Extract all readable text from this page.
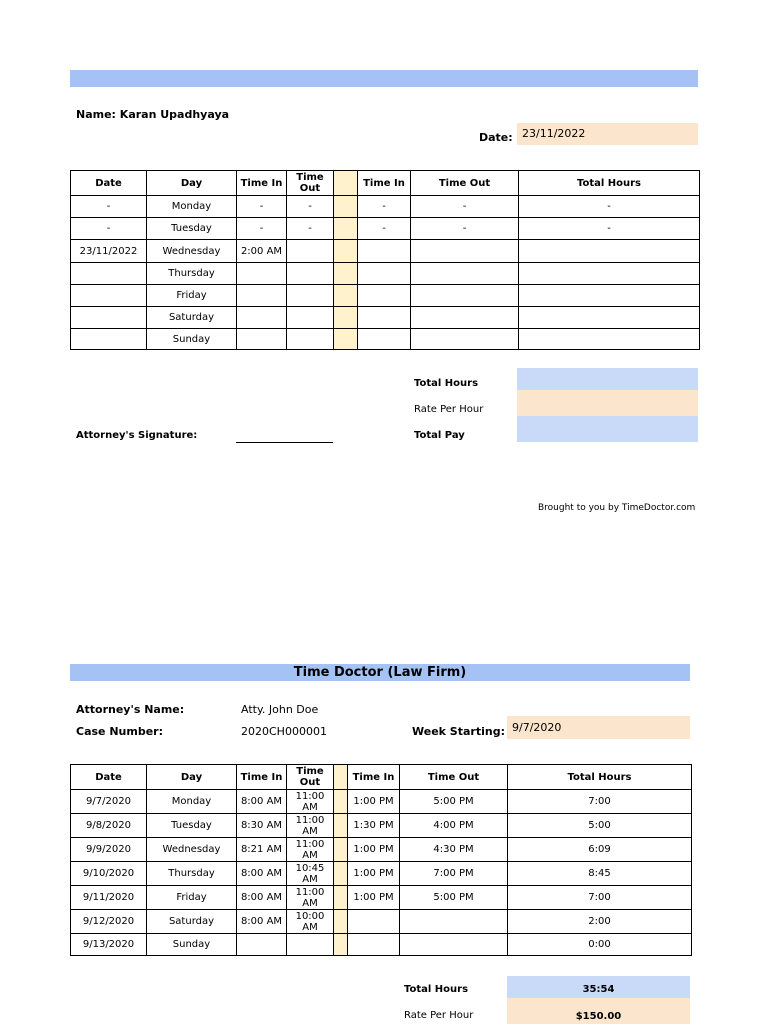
Name: Karan Upadhyaya
Date: 23/11/2022
Date	Day	Time In	Time Out		Time In	Time Out	Total Hours
-	Monday	-	-		-	-	-
-	Tuesday	-	-		-	-	-
23/11/2022	Wednesday	2:00 AM					
	Thursday						
	Friday						
	Saturday						
	Sunday						
Total Hours
Rate Per Hour
Attorney's Signature:	Total Pay
Brought to you by TimeDoctor.com
Time Doctor (Law Firm)
Attorney's Name:	Atty. John Doe
Case Number:	2020CH000001	Week Starting: 9/7/2020
Date	Day	Time In	Time Out		Time In	Time Out	Total Hours
9/7/2020	Monday	8:00 AM	11:00 AM		1:00 PM	5:00 PM	7:00
9/8/2020	Tuesday	8:30 AM	11:00 AM		1:30 PM	4:00 PM	5:00
9/9/2020	Wednesday	8:21 AM	11:00 AM		1:00 PM	4:30 PM	6:09
9/10/2020	Thursday	8:00 AM	10:45 AM		1:00 PM	7:00 PM	8:45
9/11/2020	Friday	8:00 AM	11:00 AM		1:00 PM	5:00 PM	7:00
9/12/2020	Saturday	8:00 AM	10:00 AM				2:00
9/13/2020	Sunday						0:00
Total Hours	35:54
Rate Per Hour	$150.00
